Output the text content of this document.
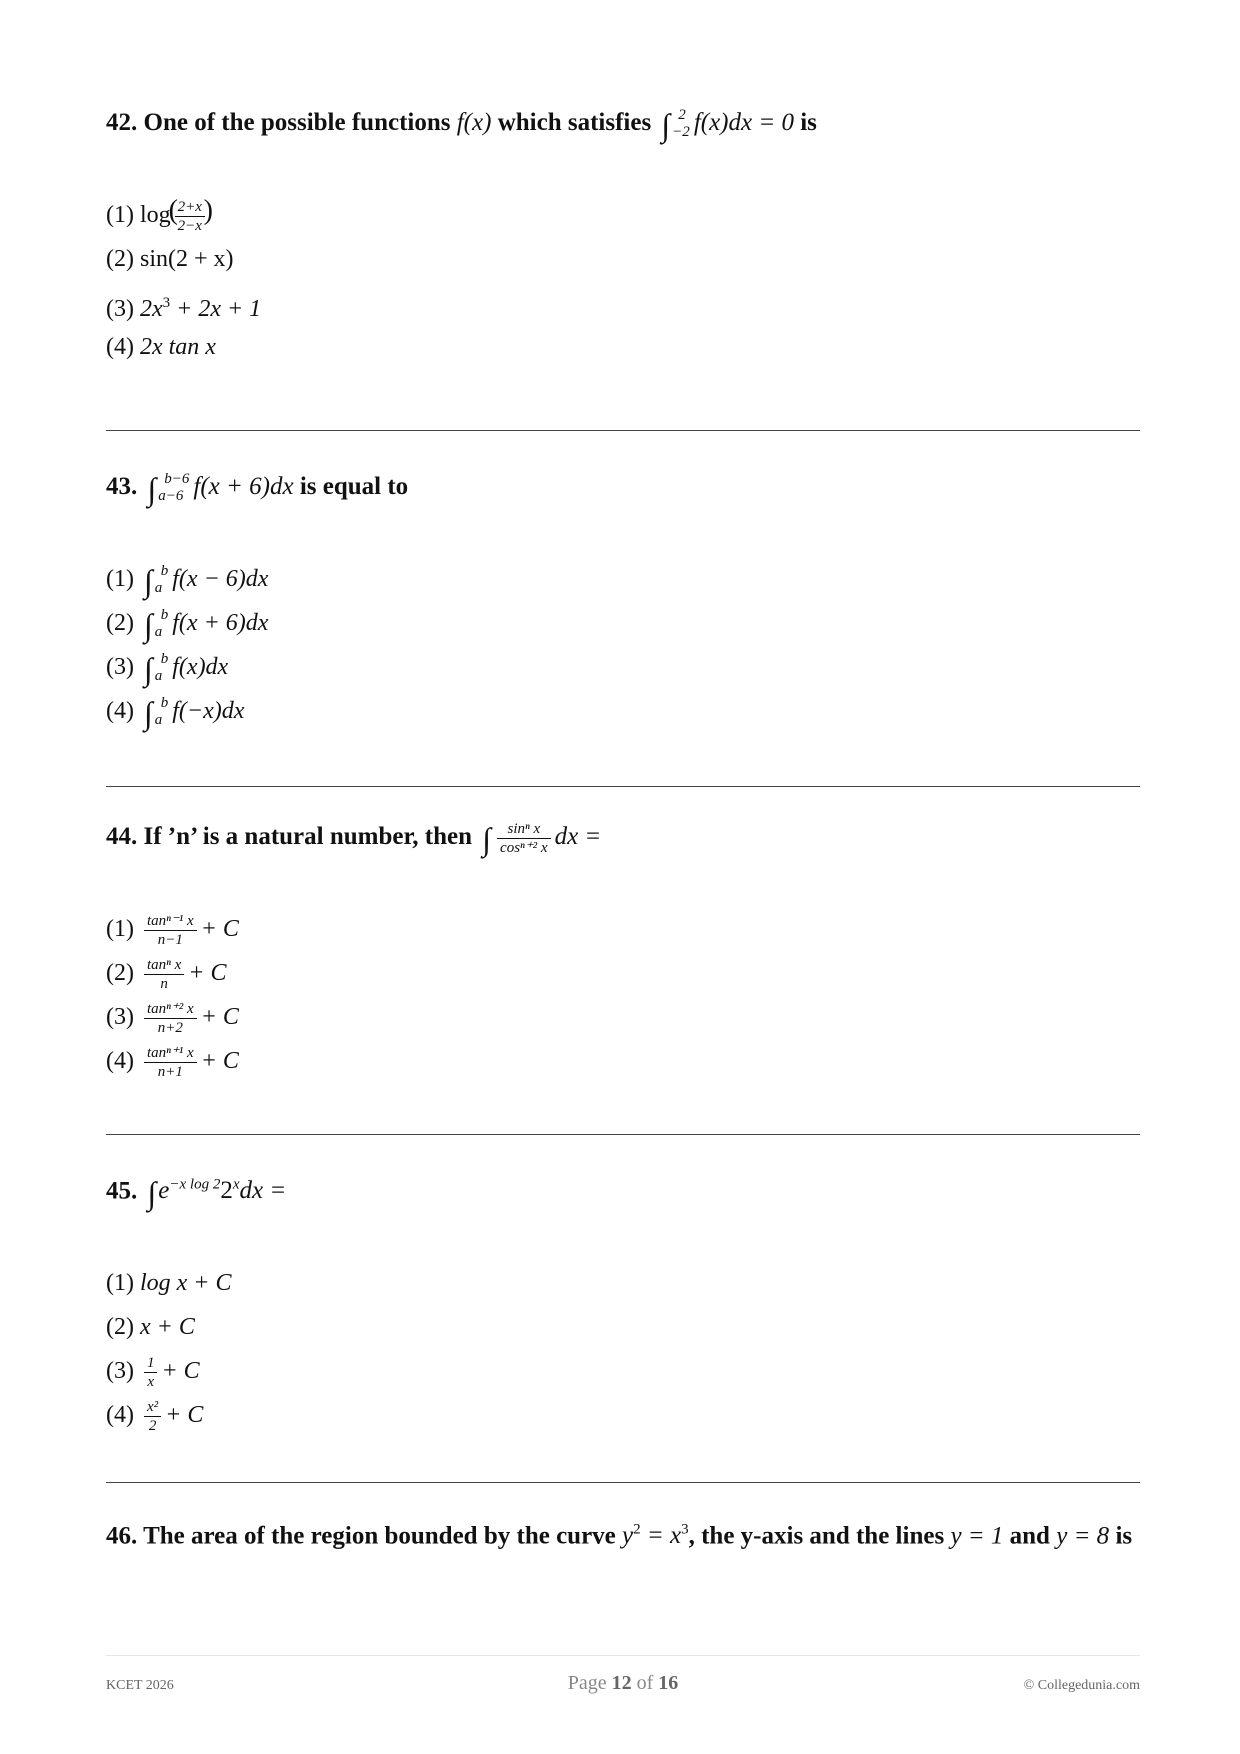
42. One of the possible functions f(x) which satisfies ∫ 2
−2 f(x)dx = 0 is

(1) log
( 2+x
2−x )
(2) sin(2 + x)
(3) $2x^3 + 2x + 1$
(4) 2x tan x

43. ∫ b−6
a−6 f(x + 6)dx is equal to

(1) ∫ b
a f(x − 6)dx
(2) ∫ b
a f(x + 6)dx
(3) ∫ b
a f(x)dx
(4) ∫ b
a f(−x)dx

44. If ’n’ is a natural number, then ∫ $\frac{\text{sinⁿ x}}{\text{cosⁿ⁺² x}}$ dx =

$(1) \frac{\text{tanⁿ⁻¹ x}}{n-1} + C$
$(2) \frac{\text{tanⁿ x}}{n} + C$
$(3) \frac{\text{tanⁿ⁺² x}}{n+2} + C$
$(4) \frac{\text{tanⁿ⁺¹ x}}{n+1} + C$

45. $\int e^{-x log 2}2^xdx$ =

(1) log x + C
(2) x + C
$(3) \frac{1}{x} + C$
$(4) \frac{\text{x²}}{2} + C$

46. The area of the region bounded by the curve $y^2 = x^3$, the y-axis and the lines y = 1 and y = 8 is

KCET 2026	Page 12 of 16	© Collegedunia.com
